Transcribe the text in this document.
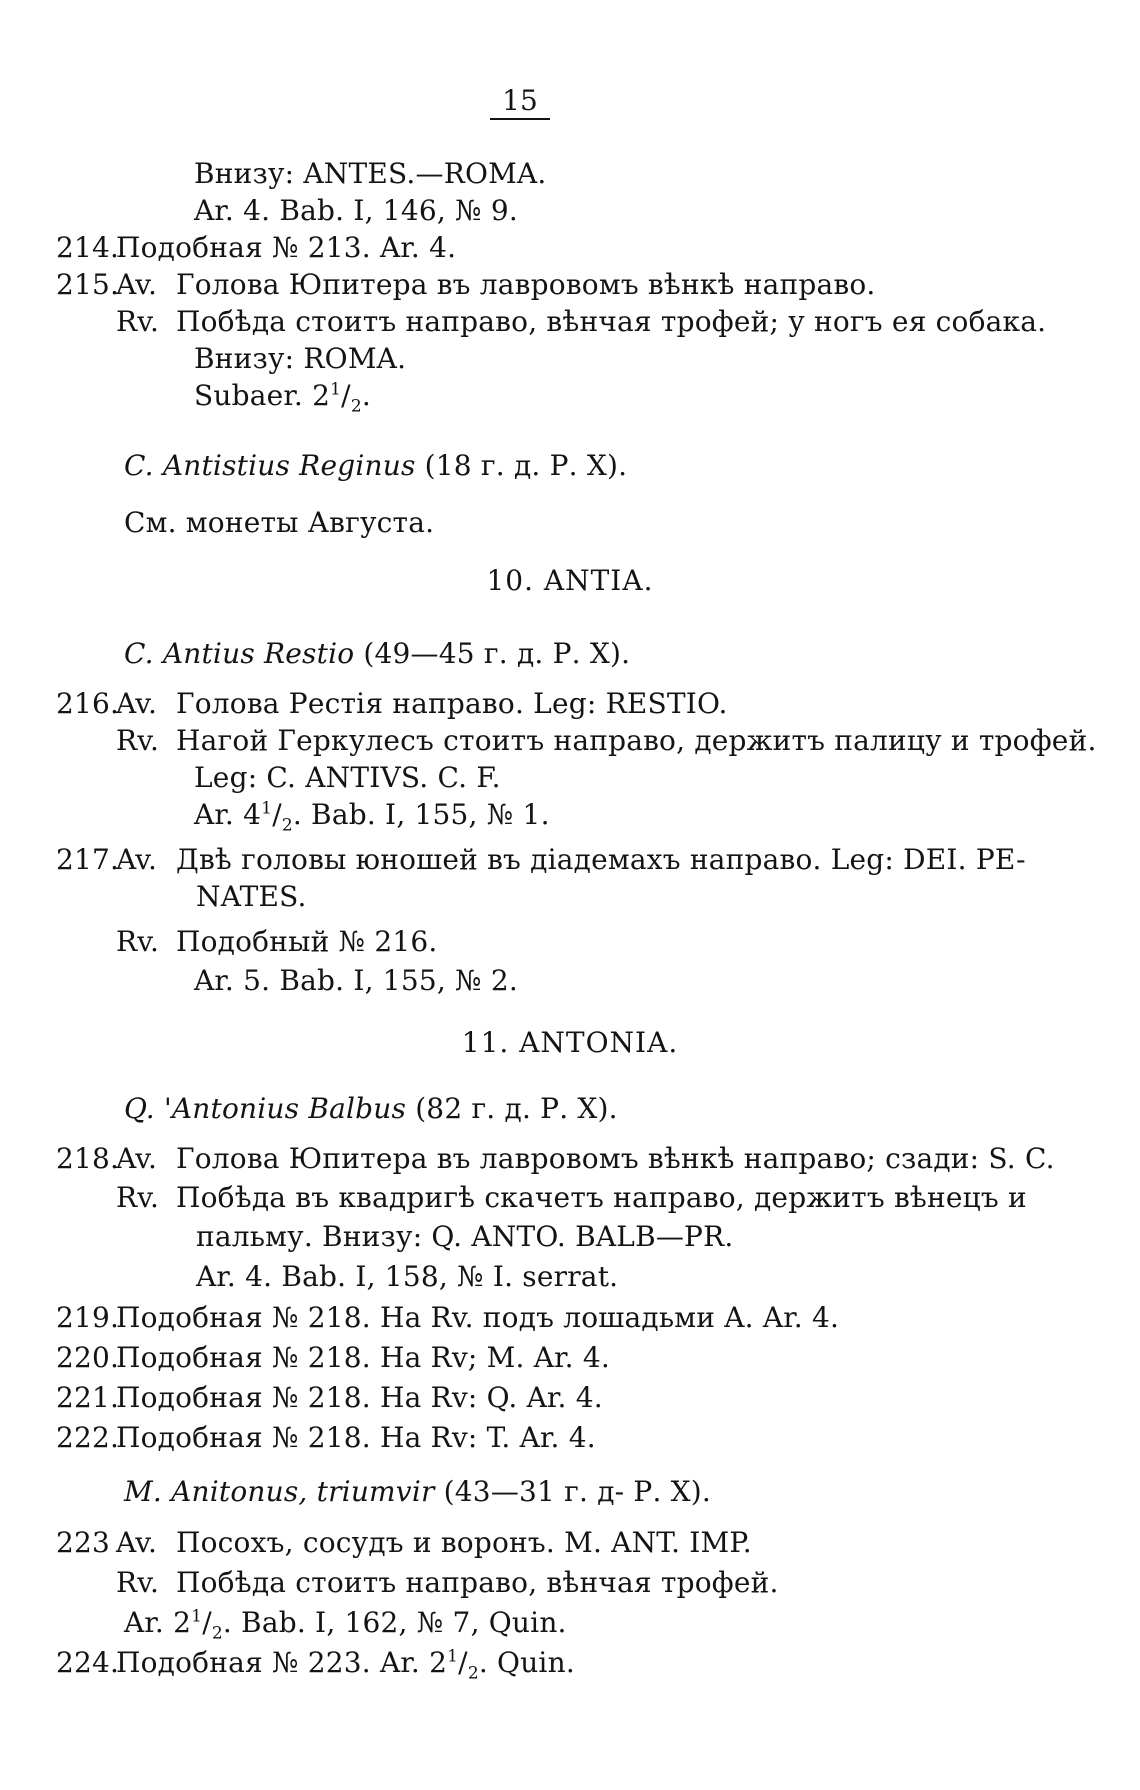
15
Внизу: ANTES.—ROMA.
Ar. 4. Bab. I, 146, № 9.
214.Подобная № 213. Ar. 4.
215.Av. Голова Юпитера въ лавровомъ вѣнкѣ направо.
Rv. Побѣда стоитъ направо, вѣнчая трофей; у ногъ ея собака.
Внизу: ROMA.
Subaer. $2^1/_2$.
C. Antistius Reginus (18 г. д. Р. X).
См. монеты Августа.
10. ANTIA.
C. Antius Restio (49—45 г. д. Р. X).
216.Av. Голова Рестія направо. Leg: RESTIO.
Rv. Нагой Геркулесъ стоитъ направо, держитъ палицу и трофей.
Leg: C. ANTIVS. C. F.
Ar. $4^1/_2$. Bab. I, 155, № 1.
217.Av. Двѣ головы юношей въ діадемахъ направо. Leg: DEI. PE-
NATES.
Rv. Подобный № 216.
Ar. 5. Bab. I, 155, № 2.
11. ANTONIA.
Q. 'Antonius Balbus (82 г. д. Р. X).
218.Av. Голова Юпитера въ лавровомъ вѣнкѣ направо; сзади: S. C.
Rv. Побѣда въ квадригѣ скачетъ направо, держитъ вѣнецъ и
пальму. Внизу: Q. ANTO. BALB—PR.
Ar. 4. Bab. I, 158, № I. serrat.
219.Подобная № 218. На Rv. подъ лошадьми A. Ar. 4.
220.Подобная № 218. На Rv; M. Ar. 4.
221.Подобная № 218. На Rv: Q. Ar. 4.
222.Подобная № 218. На Rv: T. Ar. 4.
M. Anitonus, triumvir (43—31 г. д- Р. X).
223 Av. Посохъ, сосудъ и воронъ. M. ANT. IMP.
Rv. Побѣда стоитъ направо, вѣнчая трофей.
Ar. $2^1/_2$. Bab. I, 162, № 7, Quin.
224.Подобная № 223. Ar. $2^1/_2$. Quin.
